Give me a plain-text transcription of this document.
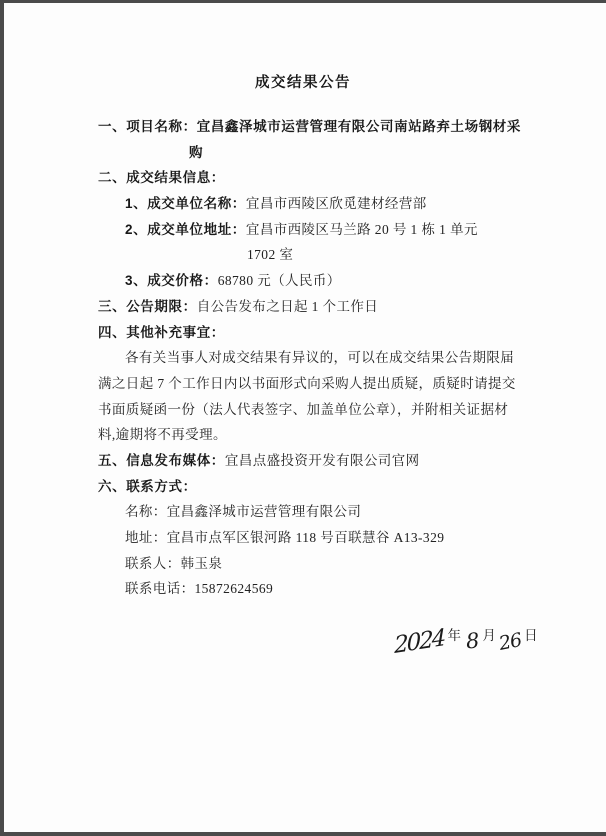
成交结果公告
一、项目名称：宜昌鑫泽城市运营管理有限公司南站路弃土场钢材采
购
二、成交结果信息：
1、成交单位名称：宜昌市西陵区欣觅建材经营部
2、成交单位地址：宜昌市西陵区马兰路 20 号 1 栋 1 单元
1702 室
3、成交价格：68780 元（人民币）
三、公告期限：自公告发布之日起 1 个工作日
四、其他补充事宜：
各有关当事人对成交结果有异议的，可以在成交结果公告期限届
满之日起 7 个工作日内以书面形式向采购人提出质疑，质疑时请提交
书面质疑函一份（法人代表签字、加盖单位公章），并附相关证据材
料,逾期将不再受理。
五、信息发布媒体：宜昌点盛投资开发有限公司官网
六、联系方式：
名称：宜昌鑫泽城市运营管理有限公司
地址：宜昌市点军区银河路 118 号百联慧谷 A13-329
联系人：韩玉泉
联系电话：15872624569
2024 年 8 月 26 日
